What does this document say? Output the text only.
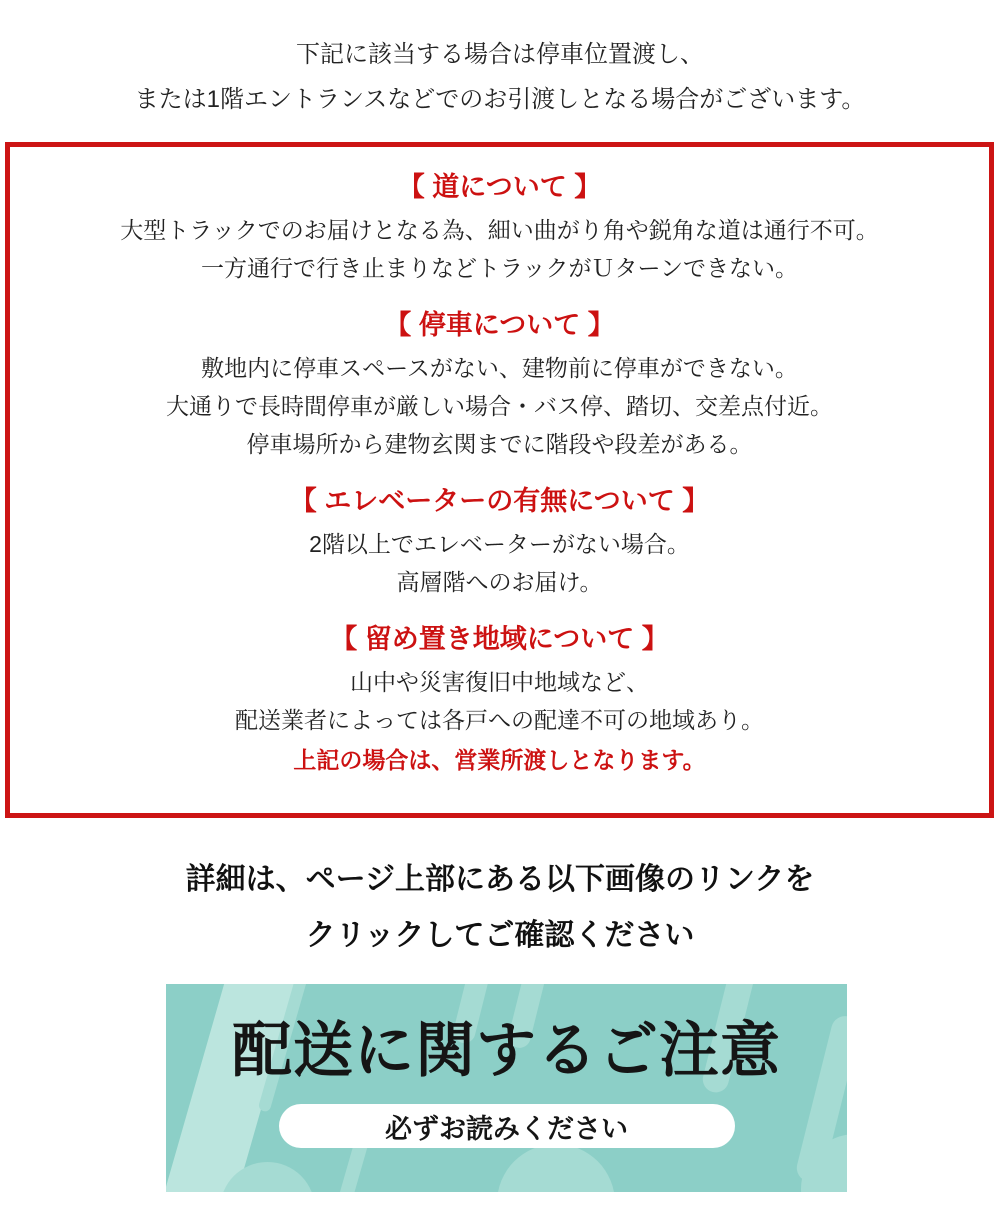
下記に該当する場合は停車位置渡し、
または1階エントランスなどでのお引渡しとなる場合がございます。

【 道について 】

大型トラックでのお届けとなる為、細い曲がり角や鋭角な道は通行不可。

一方通行で行き止まりなどトラックがＵターンできない。

【 停車について 】

敷地内に停車スペースがない、建物前に停車ができない。

大通りで長時間停車が厳しい場合・バス停、踏切、交差点付近。

停車場所から建物玄関までに階段や段差がある。

【 エレベーターの有無について 】

2階以上でエレベーターがない場合。

高層階へのお届け。

【 留め置き地域について 】

山中や災害復旧中地域など、

配送業者によっては各戸への配達不可の地域あり。

上記の場合は、営業所渡しとなります。

詳細は、ページ上部にある以下画像のリンクを
クリックしてご確認ください

配送に関するご注意
必ずお読みください
